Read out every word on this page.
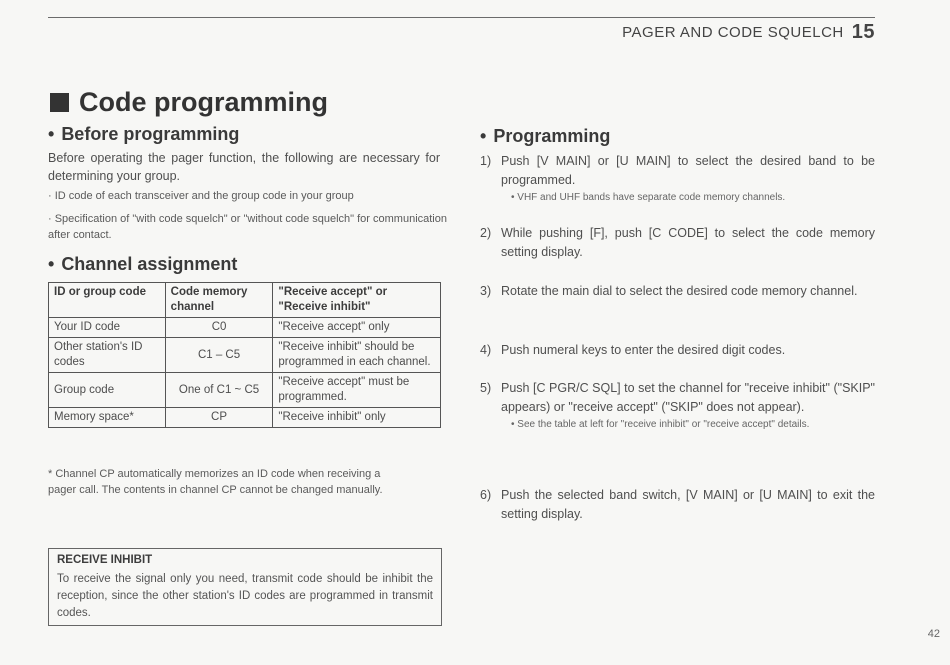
PAGER AND CODE SQUELCH 15
Code programming
• Before programming
Before operating the pager function, the following are necessary for determining your group.
· ID code of each transceiver and the group code in your group
· Specification of "with code squelch" or "without code squelch" for communication after contact.
• Channel assignment
ID or group code	Code memory channel	"Receive accept" or "Receive inhibit"
Your ID code	C0	"Receive accept" only
Other station's ID codes	C1 – C5	"Receive inhibit" should be programmed in each channel.
Group code	One of C1 ~ C5	"Receive accept" must be programmed.
Memory space*	CP	"Receive inhibit" only
* Channel CP automatically memorizes an ID code when receiving a pager call. The contents in channel CP cannot be changed manually.
RECEIVE INHIBIT
To receive the signal only you need, transmit code should be inhibit the reception, since the other station's ID codes are programmed in transmit codes.
• Programming
1) Push [V MAIN] or [U MAIN] to select the desired band to be programmed.
• VHF and UHF bands have separate code memory channels.
2) While pushing [F], push [C CODE] to select the code memory setting display.
3) Rotate the main dial to select the desired code memory channel.
4) Push numeral keys to enter the desired digit codes.
5) Push [C PGR/C SQL] to set the channel for "receive inhibit" ("SKIP" appears) or "receive accept" ("SKIP" does not appear).
• See the table at left for "receive inhibit" or "receive accept" details.
6) Push the selected band switch, [V MAIN] or [U MAIN] to exit the setting display.
42
